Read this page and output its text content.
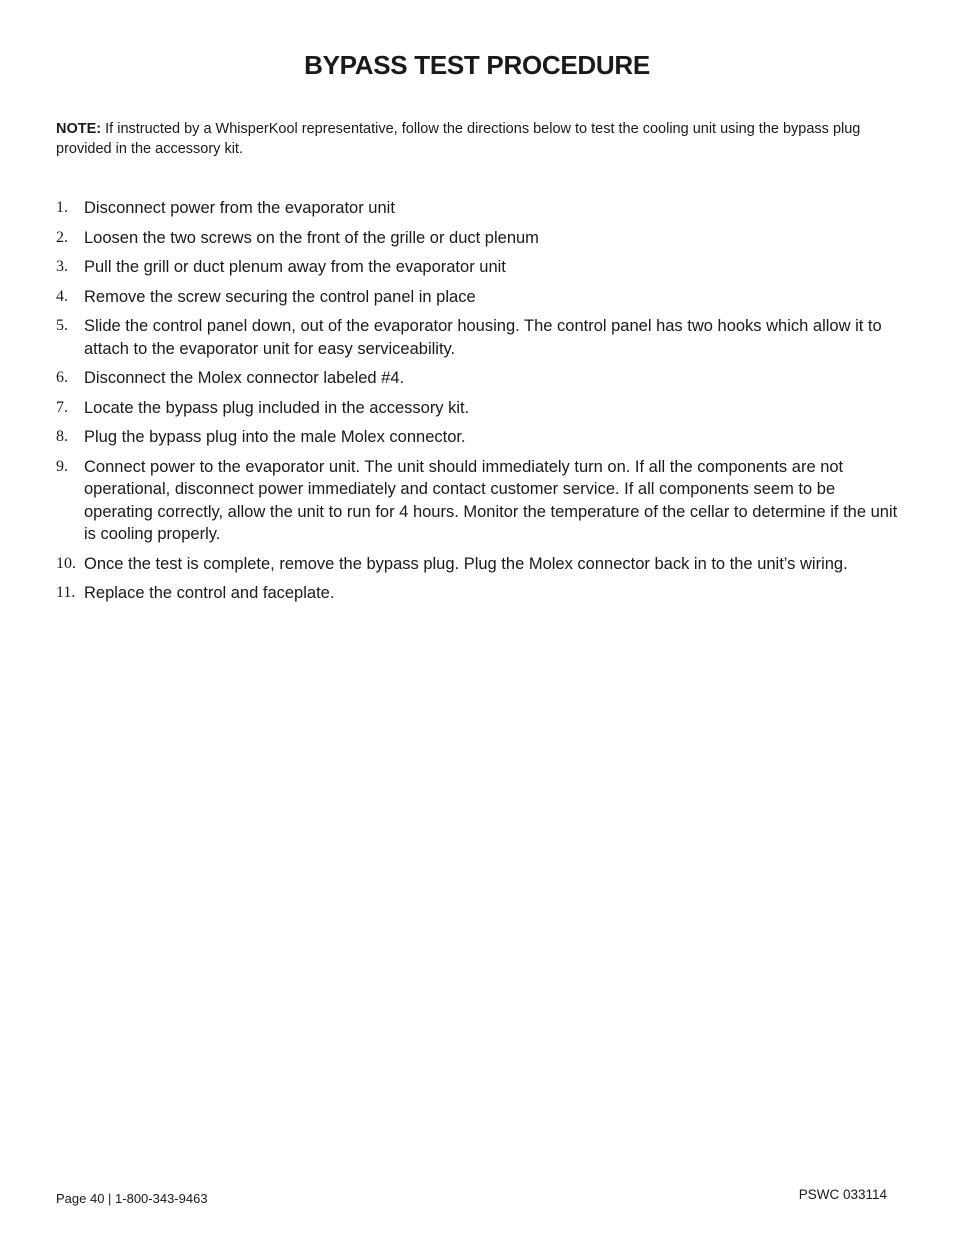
BYPASS TEST PROCEDURE

NOTE: If instructed by a WhisperKool representative, follow the directions below to test the cooling unit using the bypass plug provided in the accessory kit.

1. Disconnect power from the evaporator unit
2. Loosen the two screws on the front of the grille or duct plenum
3. Pull the grill or duct plenum away from the evaporator unit
4. Remove the screw securing the control panel in place
5. Slide the control panel down, out of the evaporator housing. The control panel has two hooks which allow it to attach to the evaporator unit for easy serviceability.
6. Disconnect the Molex connector labeled #4.
7. Locate the bypass plug included in the accessory kit.
8. Plug the bypass plug into the male Molex connector.
9. Connect power to the evaporator unit. The unit should immediately turn on. If all the components are not operational, disconnect power immediately and contact customer service. If all components seem to be operating correctly, allow the unit to run for 4 hours. Monitor the temperature of the cellar to determine if the unit is cooling properly.
10. Once the test is complete, remove the bypass plug. Plug the Molex connector back in to the unit’s wiring.
11. Replace the control and faceplate.

Page 40 | 1-800-343-9463	PSWC 033114
